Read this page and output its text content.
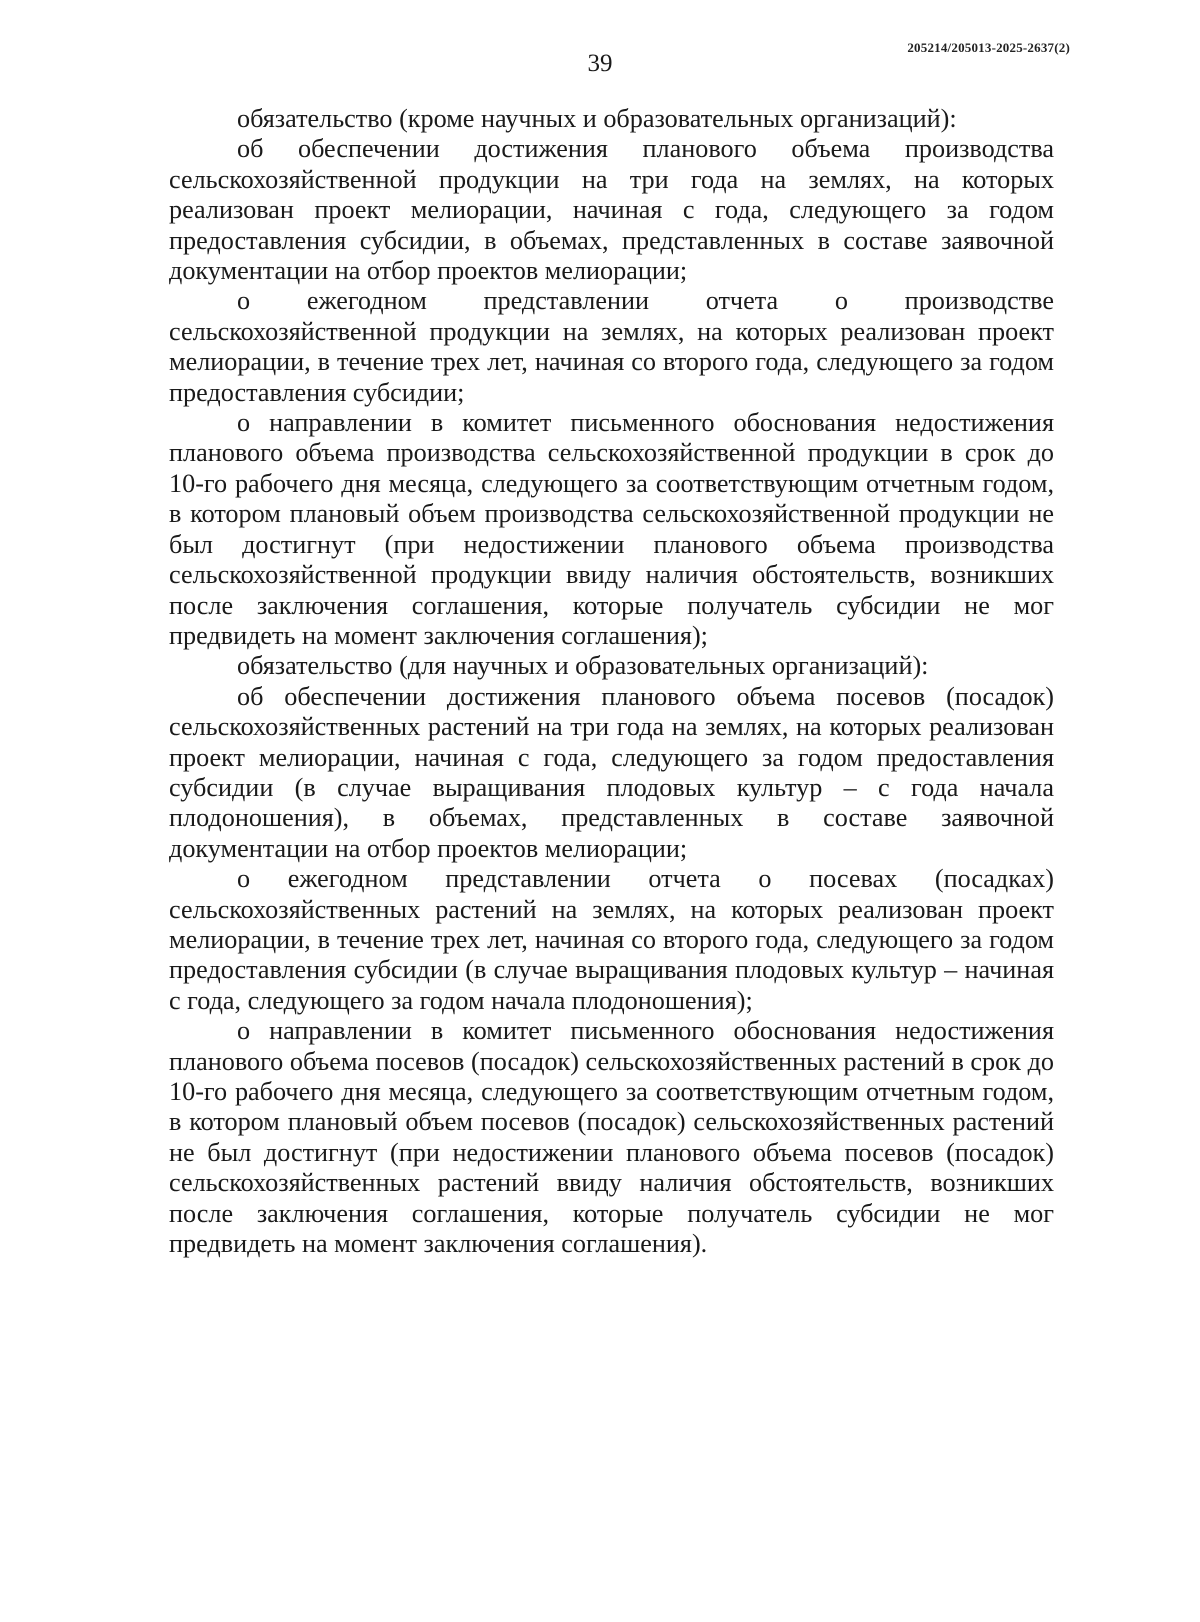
205214/205013-2025-2637(2)
39

обязательство (кроме научных и образовательных организаций):

об обеспечении достижения планового объема производства сельскохозяйственной продукции на три года на землях, на которых реализован проект мелиорации, начиная с года, следующего за годом предоставления субсидии, в объемах, представленных в составе заявочной документации на отбор проектов мелиорации;

о ежегодном представлении отчета о производстве сельскохозяйственной продукции на землях, на которых реализован проект мелиорации, в течение трех лет, начиная со второго года, следующего за годом предоставления субсидии;

о направлении в комитет письменного обоснования недостижения планового объема производства сельскохозяйственной продукции в срок до 10-го рабочего дня месяца, следующего за соответствующим отчетным годом, в котором плановый объем производства сельскохозяйственной продукции не был достигнут (при недостижении планового объема производства сельскохозяйственной продукции ввиду наличия обстоятельств, возникших после заключения соглашения, которые получатель субсидии не мог предвидеть на момент заключения соглашения);

обязательство (для научных и образовательных организаций):

об обеспечении достижения планового объема посевов (посадок) сельскохозяйственных растений на три года на землях, на которых реализован проект мелиорации, начиная с года, следующего за годом предоставления субсидии (в случае выращивания плодовых культур – с года начала плодоношения), в объемах, представленных в составе заявочной документации на отбор проектов мелиорации;

о ежегодном представлении отчета о посевах (посадках) сельскохозяйственных растений на землях, на которых реализован проект мелиорации, в течение трех лет, начиная со второго года, следующего за годом предоставления субсидии (в случае выращивания плодовых культур – начиная с года, следующего за годом начала плодоношения);

о направлении в комитет письменного обоснования недостижения планового объема посевов (посадок) сельскохозяйственных растений в срок до 10-го рабочего дня месяца, следующего за соответствующим отчетным годом, в котором плановый объем посевов (посадок) сельскохозяйственных растений не был достигнут (при недостижении планового объема посевов (посадок) сельскохозяйственных растений ввиду наличия обстоятельств, возникших после заключения соглашения, которые получатель субсидии не мог предвидеть на момент заключения соглашения).
